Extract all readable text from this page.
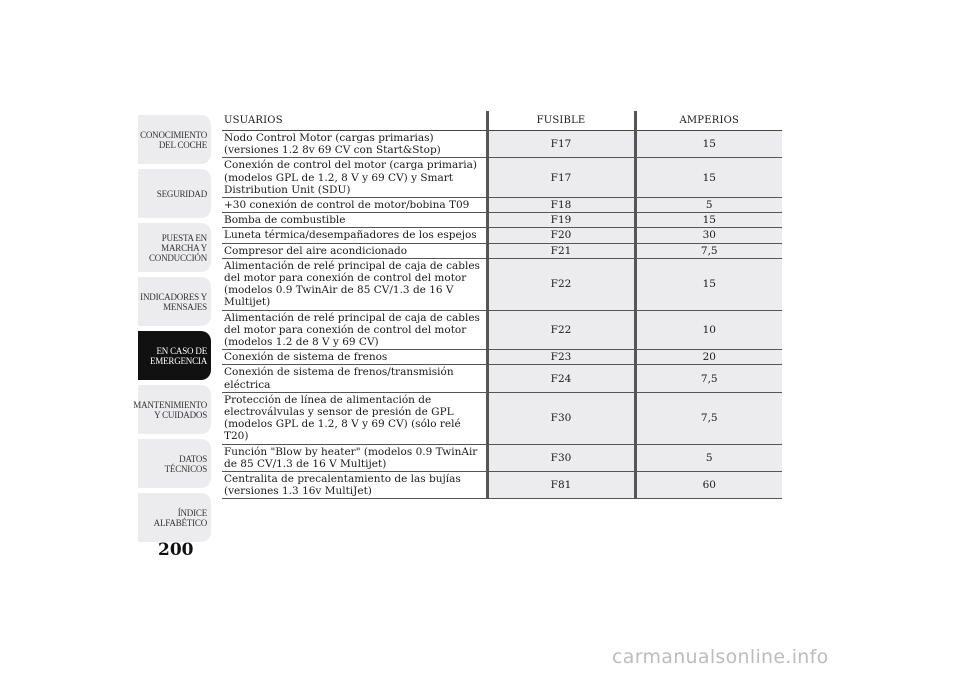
CONOCIMIENTO DEL COCHE
SEGURIDAD
PUESTA EN MARCHA Y CONDUCCIÓN
INDICADORES Y MENSAJES
EN CASO DE EMERGENCIA
MANTENIMIENTO Y CUIDADOS
DATOS TÉCNICOS
ÍNDICE ALFABÉTICO
200
USUARIOS	FUSIBLE	AMPERIOS
Nodo Control Motor (cargas primarias) (versiones 1.2 8v 69 CV con Start&Stop)	F17	15
Conexión de control del motor (carga primaria) (modelos GPL de 1.2, 8 V y 69 CV) y Smart Distribution Unit (SDU)	F17	15
+30 conexión de control de motor/bobina T09	F18	5
Bomba de combustible	F19	15
Luneta térmica/desempañadores de los espejos	F20	30
Compresor del aire acondicionado	F21	7,5
Alimentación de relé principal de caja de cables del motor para conexión de control del motor (modelos 0.9 TwinAir de 85 CV/1.3 de 16 V Multijet)	F22	15
Alimentación de relé principal de caja de cables del motor para conexión de control del motor (modelos 1.2 de 8 V y 69 CV)	F22	10
Conexión de sistema de frenos	F23	20
Conexión de sistema de frenos/transmisión eléctrica	F24	7,5
Protección de línea de alimentación de electroválvulas y sensor de presión de GPL (modelos GPL de 1.2, 8 V y 69 CV) (sólo relé T20)	F30	7,5
Función "Blow by heater" (modelos 0.9 TwinAir de 85 CV/1.3 de 16 V Multijet)	F30	5
Centralita de precalentamiento de las bujías (versiones 1.3 16v MultiJet)	F81	60
carmanualsonline.info
